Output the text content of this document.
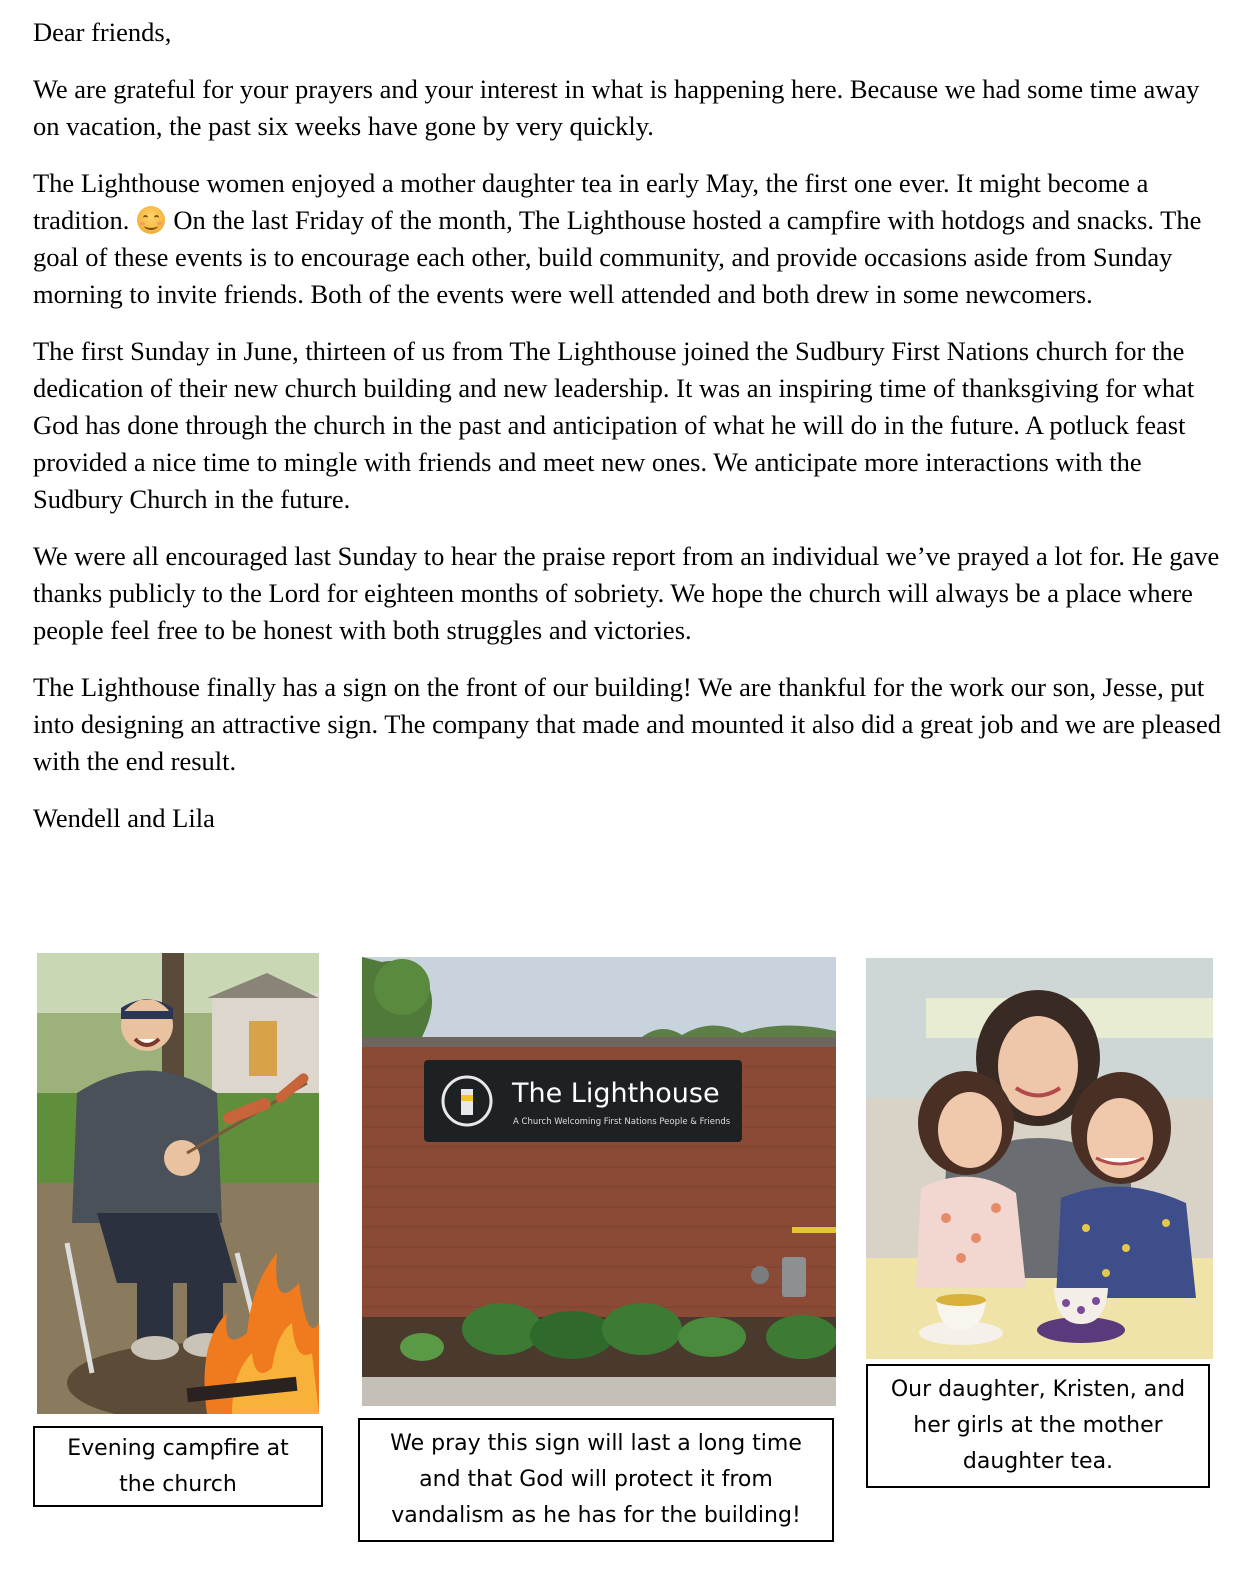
Dear friends,

We are grateful for your prayers and your interest in what is happening here. Because we had some time away on vacation, the past six weeks have gone by very quickly.

The Lighthouse women enjoyed a mother daughter tea in early May, the first one ever. It might become a tradition. On the last Friday of the month, The Lighthouse hosted a campfire with hotdogs and snacks. The goal of these events is to encourage each other, build community, and provide occasions aside from Sunday morning to invite friends. Both of the events were well attended and both drew in some newcomers.

The first Sunday in June, thirteen of us from The Lighthouse joined the Sudbury First Nations church for the dedication of their new church building and new leadership. It was an inspiring time of thanksgiving for what God has done through the church in the past and anticipation of what he will do in the future. A potluck feast provided a nice time to mingle with friends and meet new ones. We anticipate more interactions with the Sudbury Church in the future.

We were all encouraged last Sunday to hear the praise report from an individual we’ve prayed a lot for. He gave thanks publicly to the Lord for eighteen months of sobriety. We hope the church will always be a place where people feel free to be honest with both struggles and victories.

The Lighthouse finally has a sign on the front of our building! We are thankful for the work our son, Jesse, put into designing an attractive sign. The company that made and mounted it also did a great job and we are pleased with the end result.

Wendell and Lila

Evening campfire at the church
The Lighthouse
A Church Welcoming First Nations People & Friends
We pray this sign will last a long time and that God will protect it from vandalism as he has for the building!
Our daughter, Kristen, and her girls at the mother daughter tea.
